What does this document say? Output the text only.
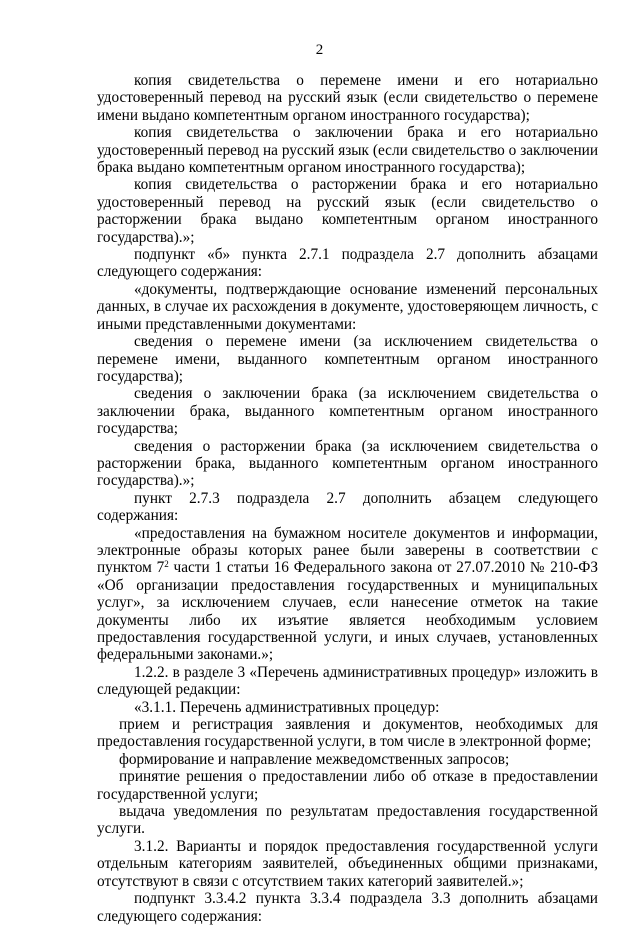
2

копия свидетельства о перемене имени и его нотариально удостоверенный перевод на русский язык (если свидетельство о перемене имени выдано компетентным органом иностранного государства);

копия свидетельства о заключении брака и его нотариально удостоверенный перевод на русский язык (если свидетельство о заключении брака выдано компетентным органом иностранного государства);

копия свидетельства о расторжении брака и его нотариально удостоверенный перевод на русский язык (если свидетельство о расторжении брака выдано компетентным органом иностранного государства).»;

подпункт «б» пункта 2.7.1 подраздела 2.7 дополнить абзацами следующего содержания:

«документы, подтверждающие основание изменений персональных данных, в случае их расхождения в документе, удостоверяющем личность, с иными представленными документами:

сведения о перемене имени (за исключением свидетельства о перемене имени, выданного компетентным органом иностранного государства);

сведения о заключении брака (за исключением свидетельства о заключении брака, выданного компетентным органом иностранного государства;

сведения о расторжении брака (за исключением свидетельства о расторжении брака, выданного компетентным органом иностранного государства).»;

пункт 2.7.3 подраздела 2.7 дополнить абзацем следующего содержания:

«предоставления на бумажном носителе документов и информации, электронные образы которых ранее были заверены в соответствии с пунктом $7^2$ части 1 статьи 16 Федерального закона от 27.07.2010 № 210-ФЗ «Об организации предоставления государственных и муниципальных услуг», за исключением случаев, если нанесение отметок на такие документы либо их изъятие является необходимым условием предоставления государственной услуги, и иных случаев, установленных федеральными законами.»;

1.2.2. в разделе 3 «Перечень административных процедур» изложить в следующей редакции:

«3.1.1. Перечень административных процедур:

прием и регистрация заявления и документов, необходимых для предоставления государственной услуги, в том числе в электронной форме;

формирование и направление межведомственных запросов;

принятие решения о предоставлении либо об отказе в предоставлении государственной услуги;

выдача уведомления по результатам предоставления государственной услуги.

3.1.2. Варианты и порядок предоставления государственной услуги отдельным категориям заявителей, объединенных общими признаками, отсутствуют в связи с отсутствием таких категорий заявителей.»;

подпункт 3.3.4.2 пункта 3.3.4 подраздела 3.3 дополнить абзацами следующего содержания:
